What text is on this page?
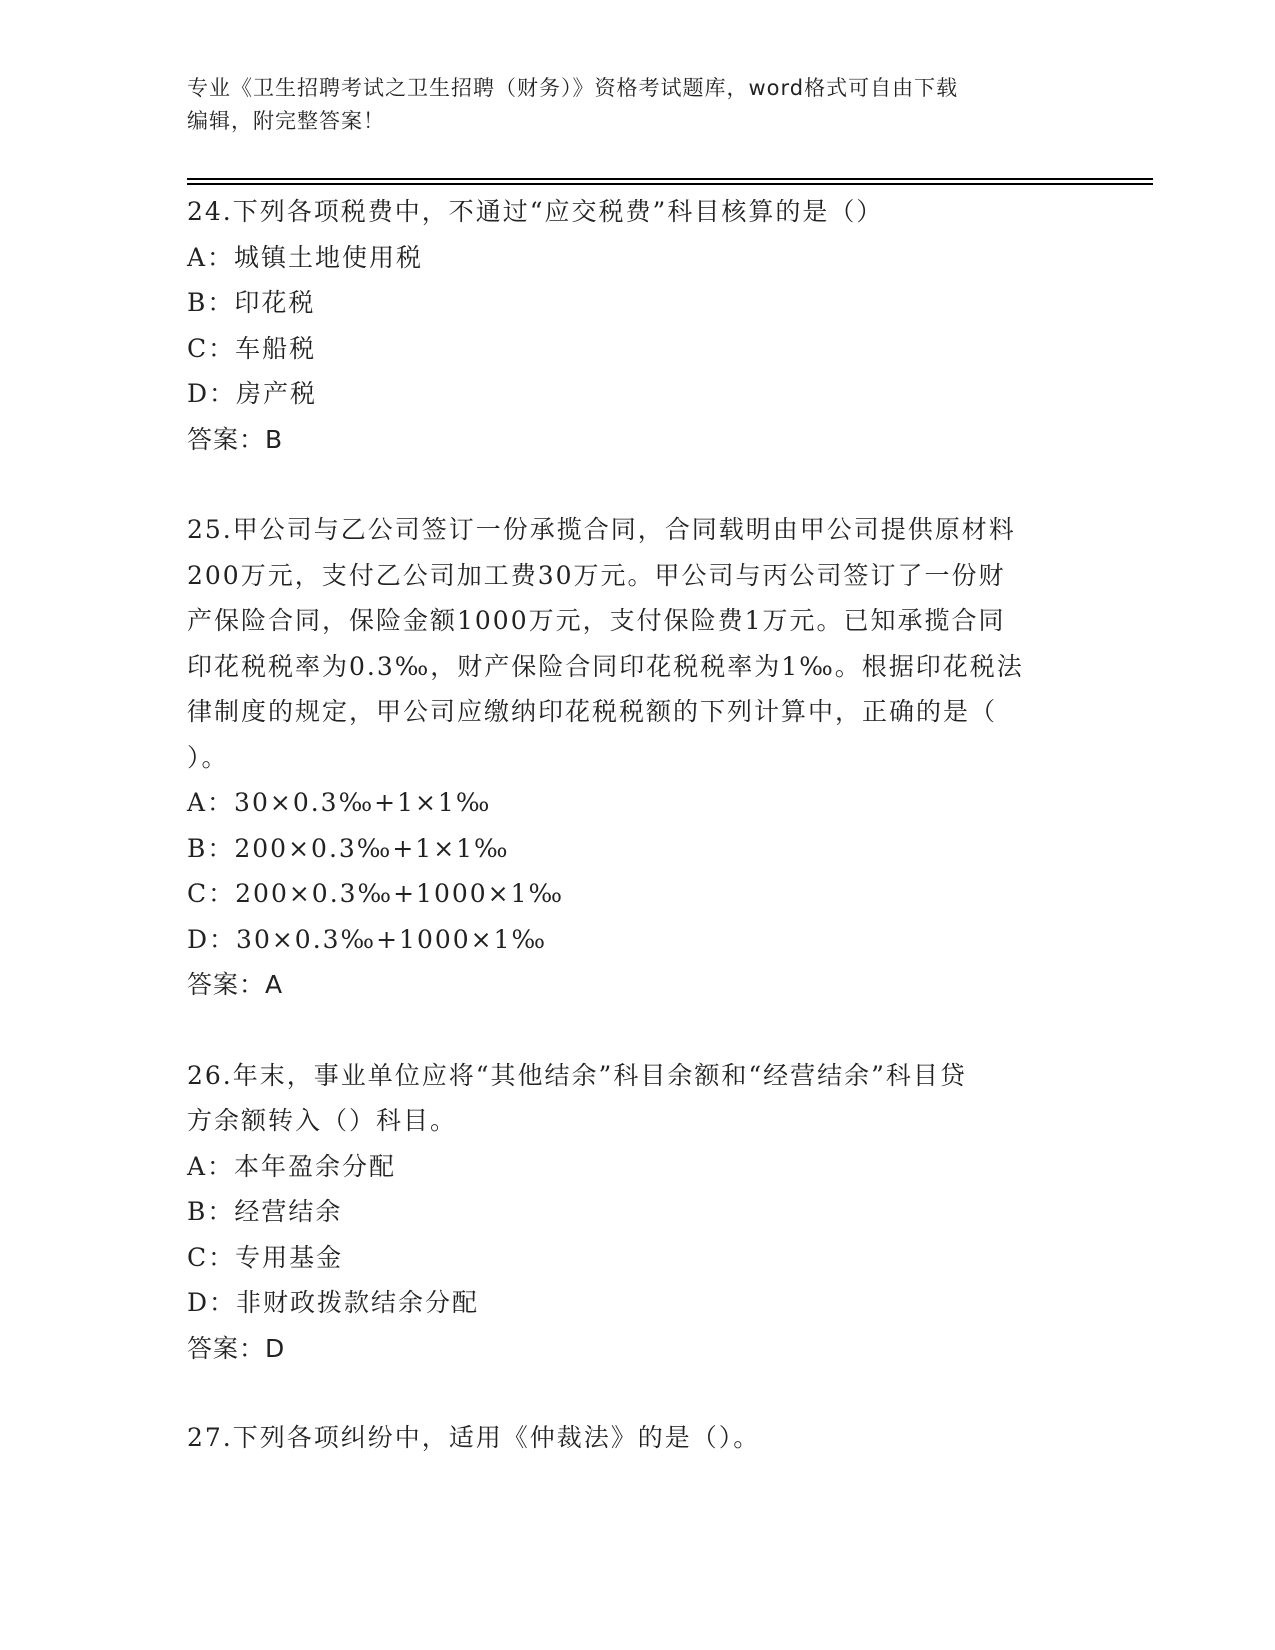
专业《卫生招聘考试之卫生招聘（财务）》资格考试题库，word格式可自由下载
编辑，附完整答案！
24.下列各项税费中，不通过“应交税费”科目核算的是（）
A：城镇土地使用税
B：印花税
C：车船税
D：房产税
答案：B
25.甲公司与乙公司签订一份承揽合同，合同载明由甲公司提供原材料
200万元，支付乙公司加工费30万元。甲公司与丙公司签订了一份财
产保险合同，保险金额1000万元，支付保险费1万元。已知承揽合同
印花税税率为0.3‰，财产保险合同印花税税率为1‰。根据印花税法
律制度的规定，甲公司应缴纳印花税税额的下列计算中，正确的是（
）。
A：30×0.3‰+1×1‰
B：200×0.3‰+1×1‰
C：200×0.3‰+1000×1‰
D：30×0.3‰+1000×1‰
答案：A
26.年末，事业单位应将“其他结余”科目余额和“经营结余”科目贷
方余额转入（）科目。
A：本年盈余分配
B：经营结余
C：专用基金
D：非财政拨款结余分配
答案：D
27.下列各项纠纷中，适用《仲裁法》的是（）。
